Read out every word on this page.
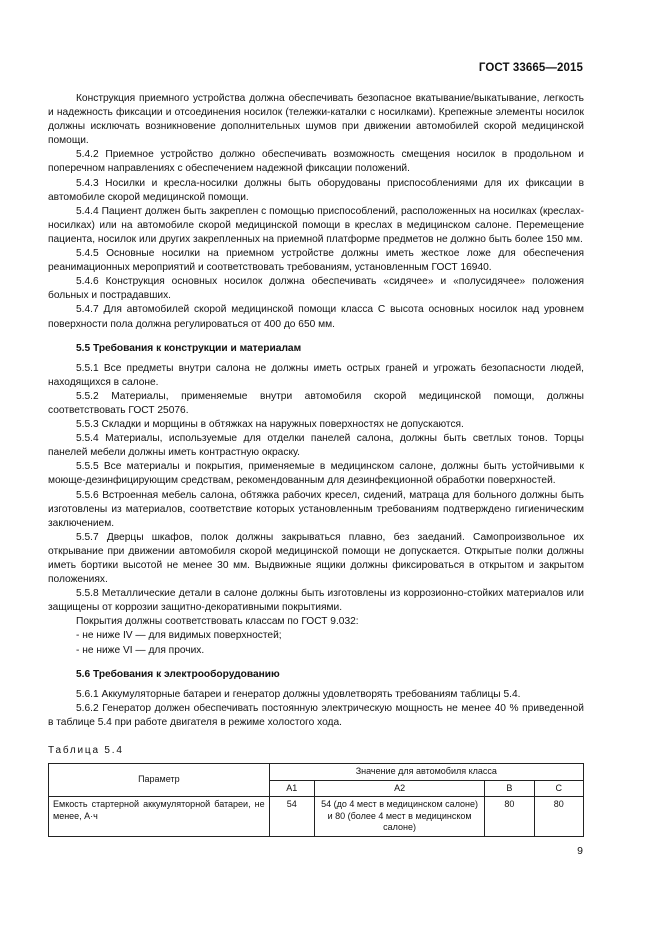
ГОСТ 33665—2015

Конструкция приемного устройства должна обеспечивать безопасное вкатывание/выкатывание, легкость и надежность фиксации и отсоединения носилок (тележки-каталки с носилками). Крепежные элементы носилок должны исключать возникновение дополнительных шумов при движении автомобилей скорой медицинской помощи.

5.4.2 Приемное устройство должно обеспечивать возможность смещения носилок в продольном и поперечном направлениях с обеспечением надежной фиксации положений.

5.4.3 Носилки и кресла-носилки должны быть оборудованы приспособлениями для их фиксации в автомобиле скорой медицинской помощи.

5.4.4 Пациент должен быть закреплен с помощью приспособлений, расположенных на носилках (креслах-носилках) или на автомобиле скорой медицинской помощи в креслах в медицинском салоне. Перемещение пациента, носилок или других закрепленных на приемной платформе предметов не должно быть более 150 мм.

5.4.5 Основные носилки на приемном устройстве должны иметь жесткое ложе для обеспечения реанимационных мероприятий и соответствовать требованиям, установленным ГОСТ 16940.

5.4.6 Конструкция основных носилок должна обеспечивать «сидячее» и «полусидячее» положения больных и пострадавших.

5.4.7 Для автомобилей скорой медицинской помощи класса С высота основных носилок над уровнем поверхности пола должна регулироваться от 400 до 650 мм.

5.5 Требования к конструкции и материалам

5.5.1 Все предметы внутри салона не должны иметь острых граней и угрожать безопасности людей, находящихся в салоне.

5.5.2 Материалы, применяемые внутри автомобиля скорой медицинской помощи, должны соответствовать ГОСТ 25076.

5.5.3 Складки и морщины в обтяжках на наружных поверхностях не допускаются.

5.5.4 Материалы, используемые для отделки панелей салона, должны быть светлых тонов. Торцы панелей мебели должны иметь контрастную окраску.

5.5.5 Все материалы и покрытия, применяемые в медицинском салоне, должны быть устойчивыми к моюще-дезинфицирующим средствам, рекомендованным для дезинфекционной обработки поверхностей.

5.5.6 Встроенная мебель салона, обтяжка рабочих кресел, сидений, матраца для больного должны быть изготовлены из материалов, соответствие которых установленным требованиям подтверждено гигиеническим заключением.

5.5.7 Дверцы шкафов, полок должны закрываться плавно, без заеданий. Самопроизвольное их открывание при движении автомобиля скорой медицинской помощи не допускается. Открытые полки должны иметь бортики высотой не менее 30 мм. Выдвижные ящики должны фиксироваться в открытом и закрытом положениях.

5.5.8 Металлические детали в салоне должны быть изготовлены из коррозионно-стойких материалов или защищены от коррозии защитно-декоративными покрытиями.

Покрытия должны соответствовать классам по ГОСТ 9.032:

- не ниже IV — для видимых поверхностей;

- не ниже VI — для прочих.

5.6 Требования к электрооборудованию

5.6.1 Аккумуляторные батареи и генератор должны удовлетворять требованиям таблицы 5.4.

5.6.2 Генератор должен обеспечивать постоянную электрическую мощность не менее 40 % приведенной в таблице 5.4 при работе двигателя в режиме холостого хода.

Таблица 5.4
Параметр	Значение для автомобиля класса			
	А1	А2	В	С
Емкость стартерной аккумуляторной батареи, не менее, А·ч	54	54 (до 4 мест в медицинском салоне) и 80 (более 4 мест в медицинском салоне)	80	80
9
